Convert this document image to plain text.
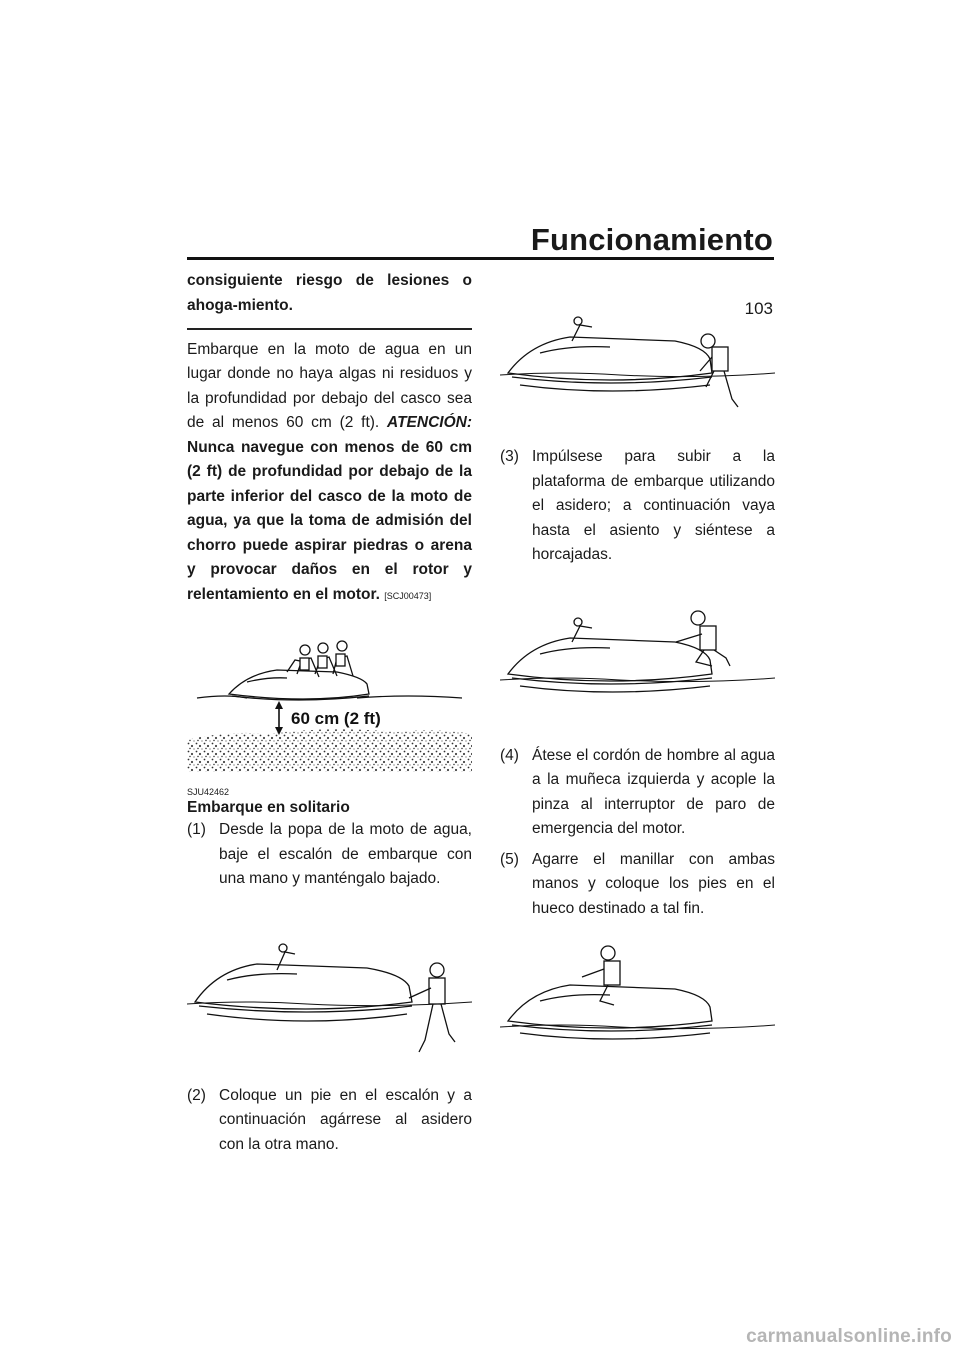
Funcionamiento
103

consiguiente riesgo de lesiones o ahoga-miento.

Embarque en la moto de agua en un lugar donde no haya algas ni residuos y la profundidad por debajo del casco sea de al menos 60 cm (2 ft). ATENCIÓN: Nunca navegue con menos de 60 cm (2 ft) de profundidad por debajo de la parte inferior del casco de la moto de agua, ya que la toma de admisión del chorro puede aspirar piedras o arena y provocar daños en el rotor y relentamiento en el motor. [SCJ00473]

60 cm (2 ft)
SJU42462
Embarque en solitario
(1) Desde la popa de la moto de agua, baje el escalón de embarque con una mano y manténgalo bajado.
(2) Coloque un pie en el escalón y a continuación agárrese al asidero con la otra mano.
(3) Impúlsese para subir a la plataforma de embarque utilizando el asidero; a continuación vaya hasta el asiento y siéntese a horcajadas.
(4) Átese el cordón de hombre al agua a la muñeca izquierda y acople la pinza al interruptor de paro de emergencia del motor.
(5) Agarre el manillar con ambas manos y coloque los pies en el hueco destinado a tal fin.
carmanualsonline.info
